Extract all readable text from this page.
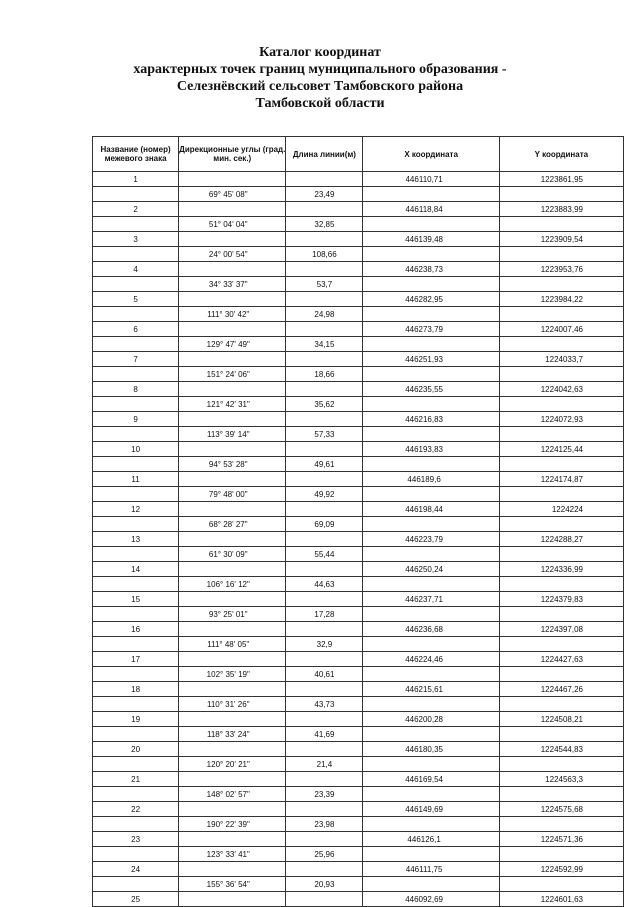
Каталог координат
характерных точек границ муниципального образования -
Селезнёвский сельсовет Тамбовского района
Тамбовской области
Название (номер) межевого знака	Дирекционные углы (град. мин. сек.)	Длина линии(м)	X координата	Y координата
1			446110,71	1223861,95
	69° 45' 08"	23,49		
2			446118,84	1223883,99
	51° 04' 04"	32,85		
3			446139,48	1223909,54
	24° 00' 54"	108,66		
4			446238,73	1223953,76
	34° 33' 37"	53,7		
5			446282,95	1223984,22
	111° 30' 42"	24,98		
6			446273,79	1224007,46
	129° 47' 49"	34,15		
7			446251,93	1224033,7
	151° 24' 06"	18,66		
8			446235,55	1224042,63
	121° 42' 31"	35,62		
9			446216,83	1224072,93
	113° 39' 14"	57,33		
10			446193,83	1224125,44
	94° 53' 28"	49,61		
11			446189,6	1224174,87
	79° 48' 00"	49,92		
12			446198,44	1224224
	68° 28' 27"	69,09		
13			446223,79	1224288,27
	61° 30' 09"	55,44		
14			446250,24	1224336,99
	106° 16' 12"	44,63		
15			446237,71	1224379,83
	93° 25' 01"	17,28		
16			446236,68	1224397,08
	111° 48' 05"	32,9		
17			446224,46	1224427,63
	102° 35' 19"	40,61		
18			446215,61	1224467,26
	110° 31' 26"	43,73		
19			446200,28	1224508,21
	118° 33' 24"	41,69		
20			446180,35	1224544,83
	120° 20' 21"	21,4		
21			446169,54	1224563,3
	148° 02' 57"	23,39		
22			446149,69	1224575,68
	190° 22' 39"	23,98		
23			446126,1	1224571,36
	123° 33' 41"	25,96		
24			446111,75	1224592,99
	155° 36' 54"	20,93		
25			446092,69	1224601,63
